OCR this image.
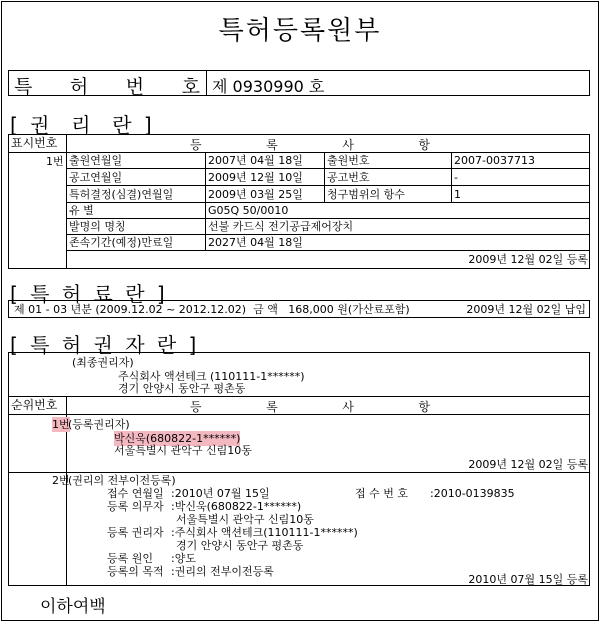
특허등록원부
특 허 번 호 제 0930990 호
[ 권  리  란 ]
표시번호	등	록	사	항
1번 출원연월일	2007년 04월 18일 출원번호	2007-0037713
공고연월일	2009년 12월 10일 공고번호	-
특허결정(심결)연월일	2009년 03월 25일 청구범위의 항수	1
유 별	G05Q 50/0010
발명의 명칭	선불 카드식 전기공급제어장치
존속기간(예정)만료일	2027년 04월 18일
2009년 12월 02일 등록
[ 특 허 료 란 ]
제 01 - 03 년분 (2009.12.02 ~ 2012.12.02)  금 액   168,000 원(가산료포함)	2009년 12월 02일 납입
[ 특 허 권 자 란 ]
(최종권리자)
주식회사 액션테크 (110111-1******)
경기 안양시 동안구 평촌동
순위번호	등	록	사	항
1번
(등록권리자)
박신욱(680822-1******)
서울특별시 관악구 신림10동
2009년 12월 02일 등록
2번
(권리의 전부이전등록)
접수 연월일 :2010년 07월 15일	접 수 번 호 :2010-0139835
등록 의무자 :박신욱(680822-1******)
서울특별시 관악구 신림10동
등록 권리자 :주식회사 액션테크(110111-1******)
경기 안양시 동안구 평촌동
등록 원인 :양도
등록의 목적 :권리의 전부이전등록
2010년 07월 15일 등록
이하여백
